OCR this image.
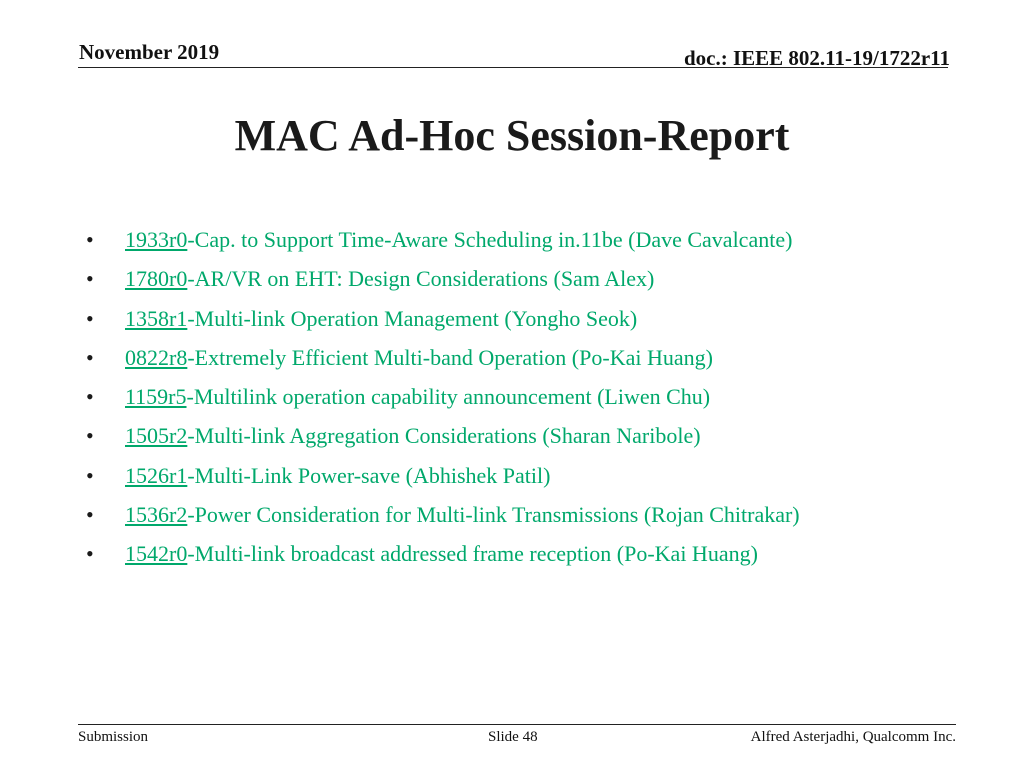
November 2019	doc.: IEEE 802.11-19/1722r11
MAC Ad-Hoc Session-Report
•	1933r0 -Cap. to Support Time-Aware Scheduling in.11be (Dave Cavalcante)
•	1780r0 -AR/VR on EHT: Design Considerations (Sam Alex)
•	1358r1 -Multi-link Operation Management (Yongho Seok)
•	0822r8 -Extremely Efficient Multi-band Operation (Po-Kai Huang)
•	1159r5 -Multilink operation capability announcement (Liwen Chu)
•	1505r2 -Multi-link Aggregation Considerations (Sharan Naribole)
•	1526r1 -Multi-Link Power-save (Abhishek Patil)
•	1536r2 -Power Consideration for Multi-link Transmissions (Rojan Chitrakar)
•	1542r0 -Multi-link broadcast addressed frame reception (Po-Kai Huang)
Submission	Slide 48	Alfred Asterjadhi, Qualcomm Inc.
